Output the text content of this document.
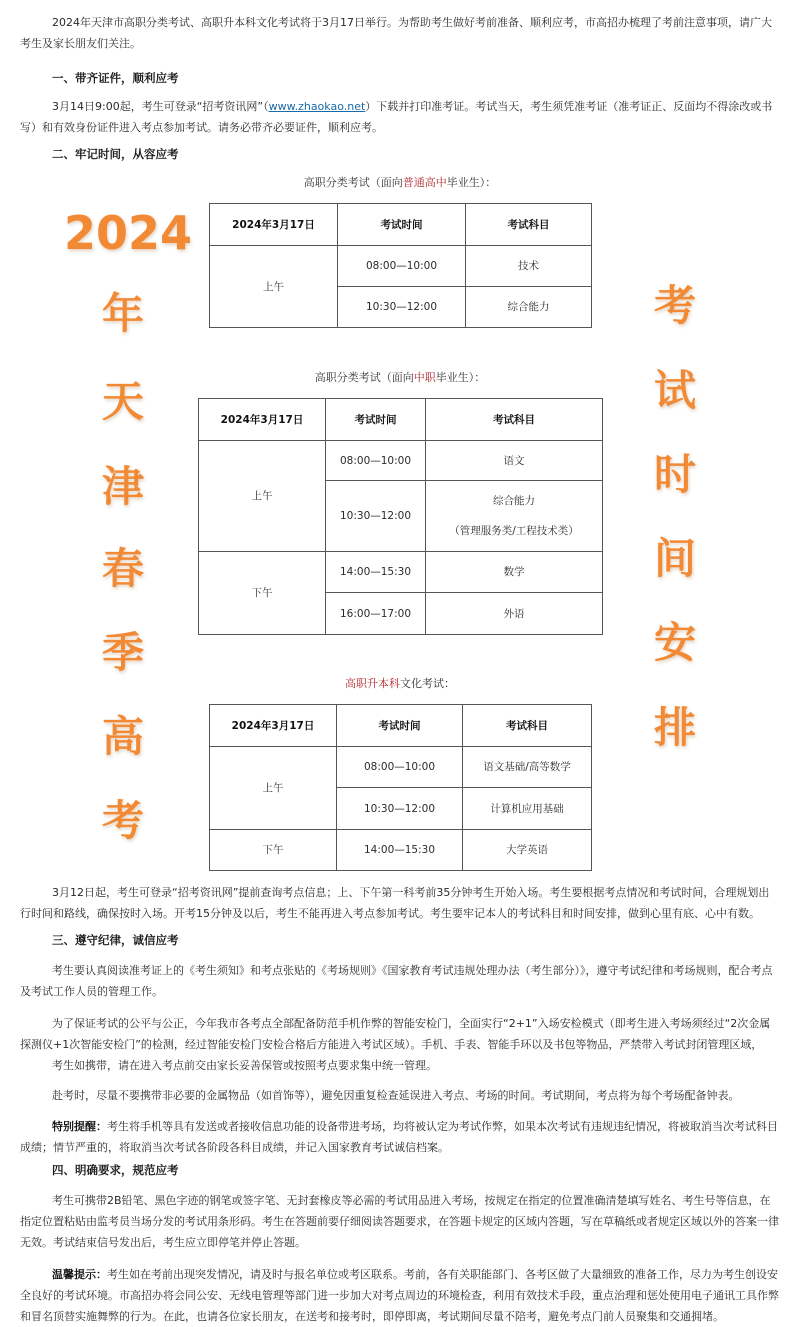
2024年天津市高职分类考试、高职升本科文化考试将于3月17日举行。为帮助考生做好考前准备、顺利应考，市高招办梳理了考前注意事项，请广大考生及家长朋友们关注。

一、带齐证件，顺利应考

3月14日9:00起，考生可登录“招考资讯网”（www.zhaokao.net）下载并打印准考证。考试当天，考生须凭准考证（准考证正、反面均不得涂改或书写）和有效身份证件进入考点参加考试。请务必带齐必要证件，顺利应考。

二、牢记时间，从容应考

高职分类考试（面向普通高中毕业生）：
2024年3月17日	考试时间	考试科目
上午	08:00—10:00	技术
	10:30—12:00	综合能力
高职分类考试（面向中职毕业生）：
2024年3月17日	考试时间	考试科目
上午	08:00—10:00	语文
	10:30—12:00	综合能力
（管理服务类/工程技术类）

下午	14:00—15:30	数学
	16:00—17:00	外语
高职升本科文化考试：
2024年3月17日	考试时间	考试科目
上午	08:00—10:00	语文基础/高等数学
	10:30—12:00	计算机应用基础
下午	14:00—15:30	大学英语

3月12日起，考生可登录“招考资讯网”提前查询考点信息；上、下午第一科考前35分钟考生开始入场。考生要根据考点情况和考试时间，合理规划出行时间和路线，确保按时入场。开考15分钟及以后，考生不能再进入考点参加考试。考生要牢记本人的考试科目和时间安排，做到心里有底、心中有数。

三、遵守纪律，诚信应考

考生要认真阅读准考证上的《考生须知》和考点张贴的《考场规则》《国家教育考试违规处理办法（考生部分）》，遵守考试纪律和考场规则，配合考点及考试工作人员的管理工作。

为了保证考试的公平与公正，今年我市各考点全部配备防范手机作弊的智能安检门，全面实行“2+1”入场安检模式（即考生进入考场须经过“2次金属探测仪+1次智能安检门”的检测，经过智能安检门安检合格后方能进入考试区域）。手机、手表、智能手环以及书包等物品，严禁带入考试封闭管理区域，

考生如携带，请在进入考点前交由家长妥善保管或按照考点要求集中统一管理。

赴考时，尽量不要携带非必要的金属物品（如首饰等），避免因重复检查延误进入考点、考场的时间。考试期间，考点将为每个考场配备钟表。

特别提醒：考生将手机等具有发送或者接收信息功能的设备带进考场，均将被认定为考试作弊，如果本次考试有违规违纪情况，将被取消当次考试科目成绩；情节严重的，将取消当次考试各阶段各科目成绩，并记入国家教育考试诚信档案。

四、明确要求，规范应考

考生可携带2B铅笔、黑色字迹的钢笔或签字笔、无封套橡皮等必需的考试用品进入考场，按规定在指定的位置准确清楚填写姓名、考生号等信息，在指定位置粘贴由监考员当场分发的考试用条形码。考生在答题前要仔细阅读答题要求，在答题卡规定的区域内答题，写在草稿纸或者规定区域以外的答案一律无效。考试结束信号发出后，考生应立即停笔并停止答题。

温馨提示：考生如在考前出现突发情况，请及时与报名单位或考区联系。考前，各有关职能部门、各考区做了大量细致的准备工作，尽力为考生创设安全良好的考试环境。市高招办将会同公安、无线电管理等部门进一步加大对考点周边的环境检查，利用有效技术手段，重点治理和惩处使用电子通讯工具作弊和冒名顶替实施舞弊的行为。在此，也请各位家长朋友，在送考和接考时，即停即离，考试期间尽量不陪考，避免考点门前人员聚集和交通拥堵。

2024
年
天
津
春
季
高
考
考
试
时
间
安
排
